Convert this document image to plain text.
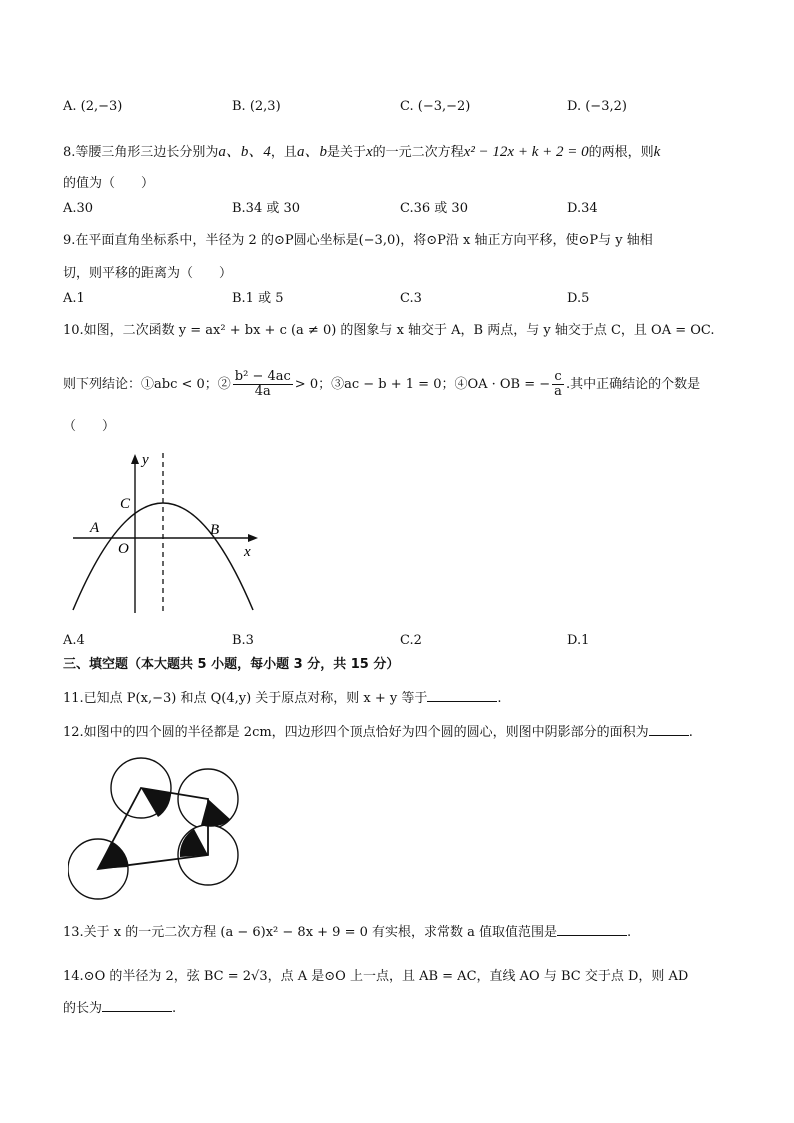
A. (2,−3)	B. (2,3)	C. (−3,−2)	D. (−3,2)
8.等腰三角形三边长分别为a、b、4，且a、b是关于x的一元二次方程x² − 12x + k + 2 = 0的两根，则k
的值为（　　）
A.30	B.34 或 30	C.36 或 30	D.34
9.在平面直角坐标系中，半径为 2 的⊙P圆心坐标是(−3,0)，将⊙P沿 x 轴正方向平移，使⊙P与 y 轴相
切，则平移的距离为（　　）
A.1	B.1 或 5	C.3	D.5
10.如图，二次函数 y = ax² + bx + c (a ≠ 0) 的图象与 x 轴交于 A，B 两点，与 y 轴交于点 C，且 OA = OC.
则下列结论：①abc < 0；② $\frac{\text{b² − 4ac}}{4a} > 0$；③ac − b + 1 = 0；④OA · OB = − $\frac{c}{a}$ .其中正确结论的个数是
（　　）
y
x
C
A
O
B
A.4	B.3	C.2	D.1
三、填空题（本大题共 5 小题，每小题 3 分，共 15 分）
11.已知点 P(x,−3) 和点 Q(4,y) 关于原点对称，则 x + y 等于	.
12.如图中的四个圆的半径都是 2cm，四边形四个顶点恰好为四个圆的圆心，则图中阴影部分的面积为	.
13.关于 x 的一元二次方程 (a − 6)x² − 8x + 9 = 0 有实根，求常数 a 值取值范围是	.
14.⊙O 的半径为 2，弦 BC = 2√3，点 A 是⊙O 上一点，且 AB = AC，直线 AO 与 BC 交于点 D，则 AD
的长为	.
